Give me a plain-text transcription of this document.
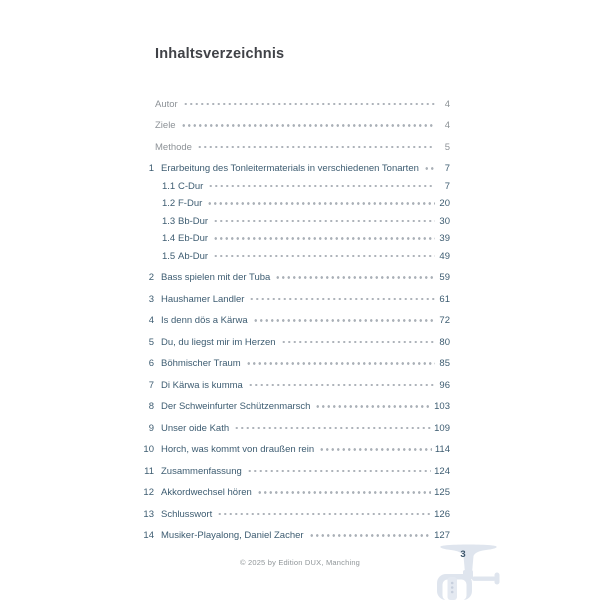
Inhaltsverzeichnis
Autor	4
Ziele	4
Methode	5
1 Erarbeitung des Tonleitermaterials in verschiedenen Tonarten	7
1.1 C-Dur	7
1.2 F-Dur	20
1.3 Bb-Dur	30
1.4 Eb-Dur	39
1.5 Ab-Dur	49
2 Bass spielen mit der Tuba	59
3 Haushamer Landler	61
4 Is denn dös a Kärwa	72
5 Du, du liegst mir im Herzen	80
6 Böhmischer Traum	85
7 Di Kärwa is kumma	96
8 Der Schweinfurter Schützenmarsch	103
9 Unser oide Kath	109
10 Horch, was kommt von draußen rein	114
11 Zusammenfassung	124
12 Akkordwechsel hören	125
13 Schlusswort	126
14 Musiker-Playalong, Daniel Zacher	127
3
© 2025 by Edition DUX, Manching
